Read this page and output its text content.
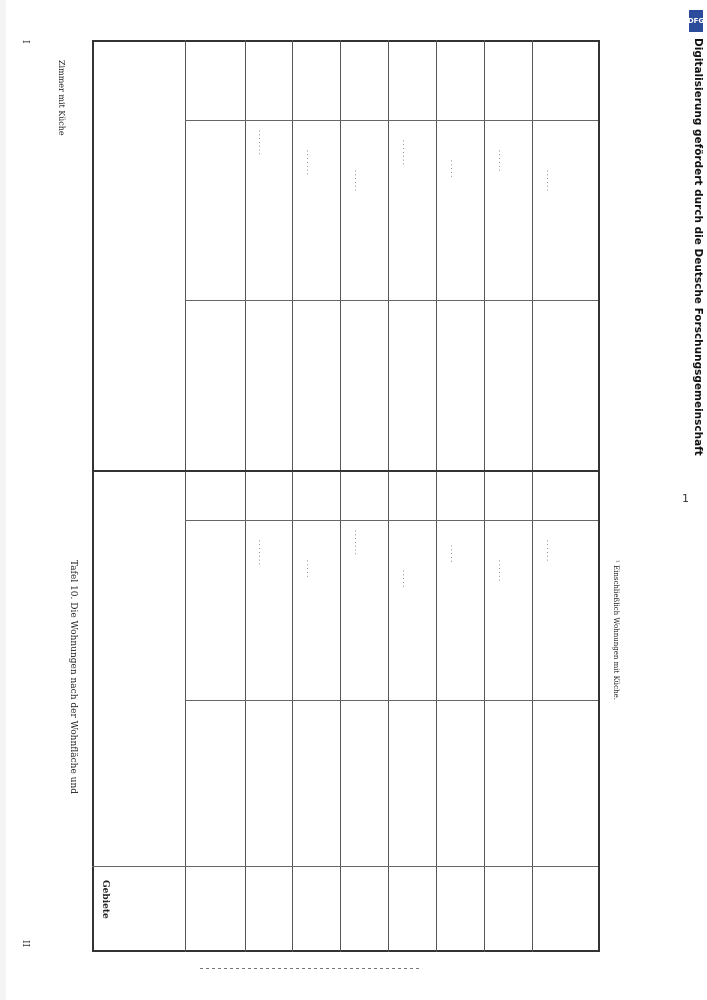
· · · · · · ·
· · · · · · ·
· · · · · ·
· · · · · · ·
· · · · ·	· · · · · ·
· · · · · ·
· · · · · · ·
· · · · ·
· · · · · · ·
· · · · ·
· · · · ·
· · · · · ·
· · · · · ·
Tafel 10. Die Wohnungen nach der Wohnfläche und
Zimmer mit Küche
Gebiete
¹ Einschließlich Wohnungen mit Küche.
II
I
1
DFG
Digitalisierung gefördert durch die Deutsche Forschungsgemeinschaft
